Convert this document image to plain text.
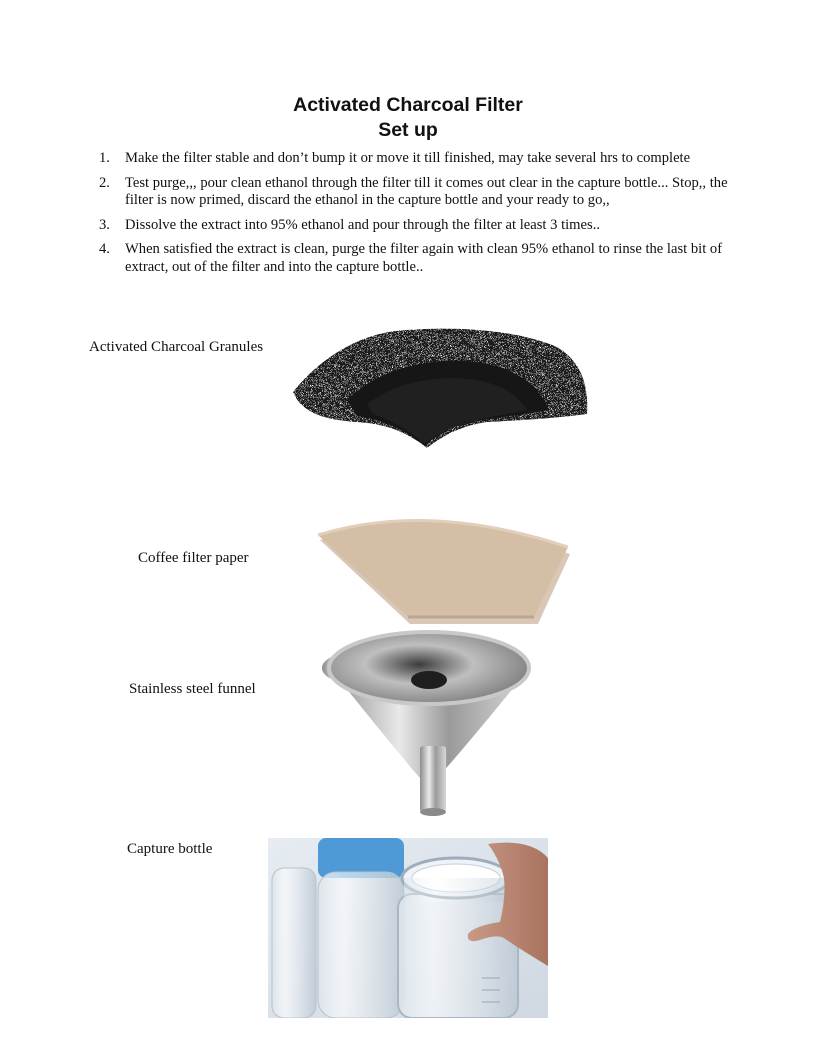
Activated Charcoal Filter
Set up
1. Make the filter stable and don’t bump it or move it till finished, may take several hrs to complete
2. Test purge,,, pour clean ethanol through the filter till it comes out clear in the capture bottle... Stop,, the filter is now primed, discard the ethanol in the capture bottle and your ready to go,,
3. Dissolve the extract into 95% ethanol and pour through the filter at least 3 times..
4. When satisfied the extract is clean, purge the filter again with clean 95% ethanol to rinse the last bit of extract, out of the filter and into the capture bottle..
Activated Charcoal Granules
Coffee filter paper
Stainless steel funnel
Capture bottle
